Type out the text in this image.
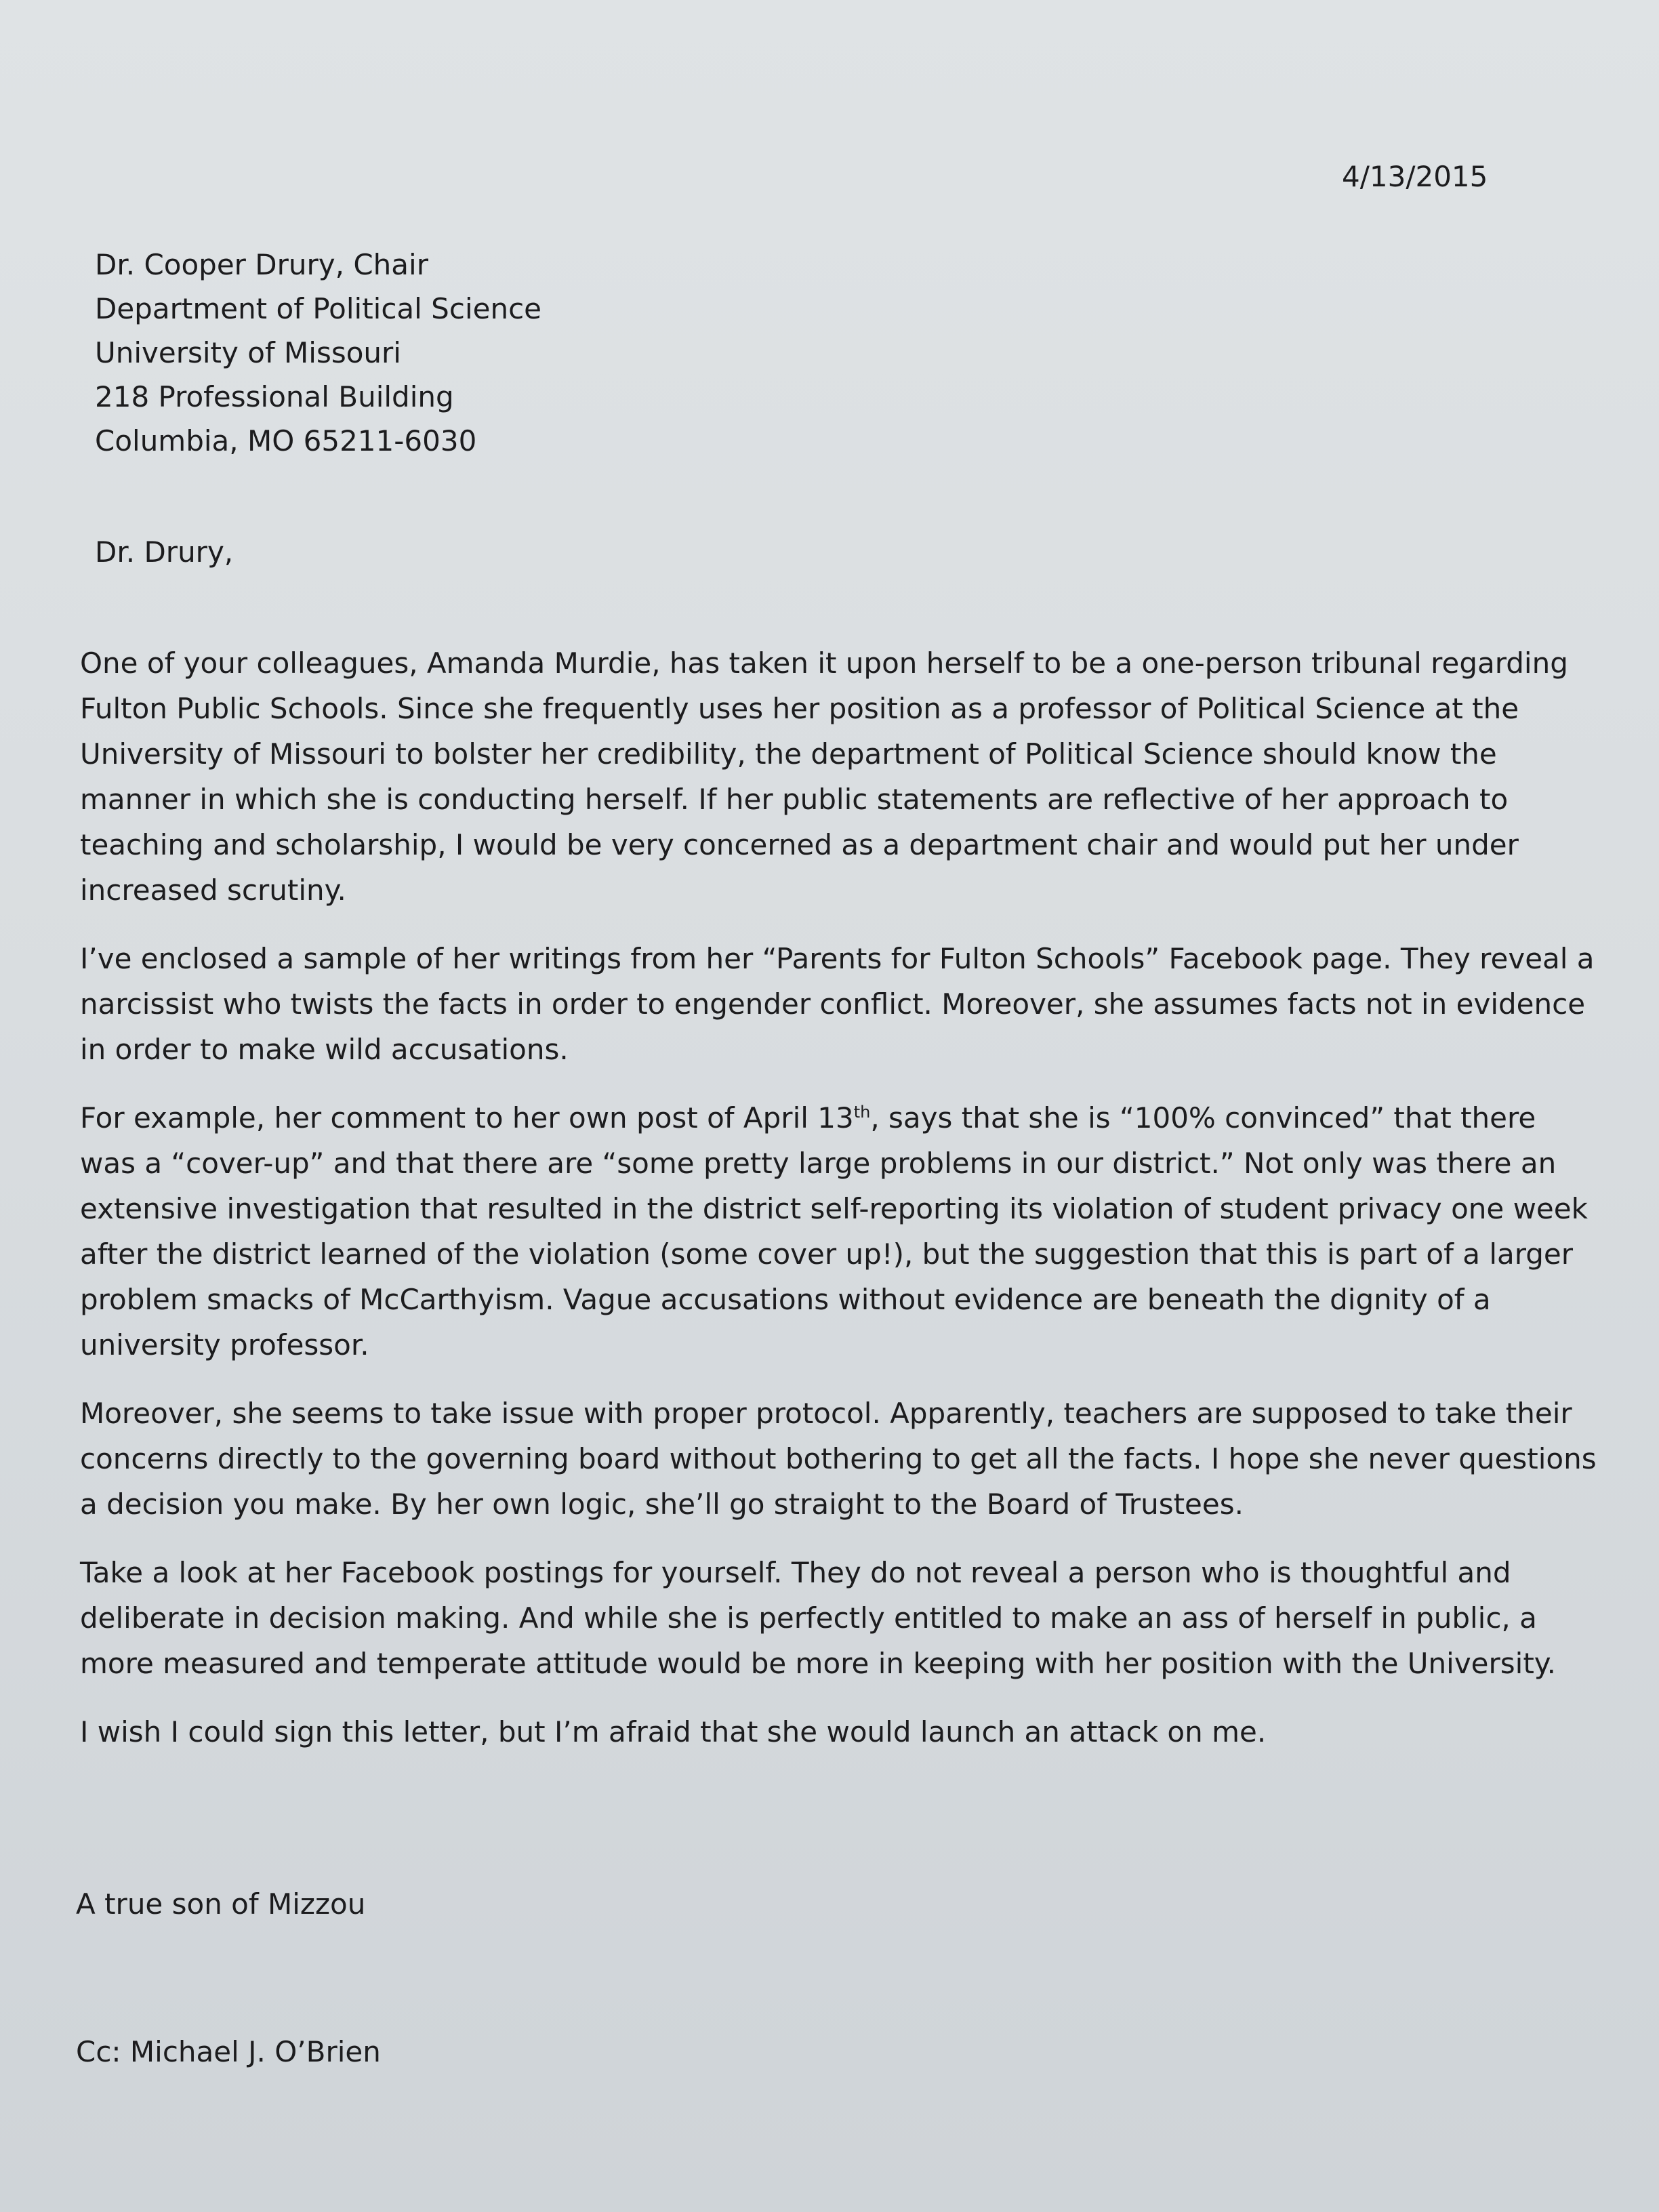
4/13/2015
Dr. Cooper Drury, Chair
Department of Political Science
University of Missouri
218 Professional Building
Columbia, MO 65211-6030
Dr. Drury,

One of your colleagues, Amanda Murdie, has taken it upon herself to be a one-person tribunal regarding Fulton Public Schools. Since she frequently uses her position as a professor of Political Science at the University of Missouri to bolster her credibility, the department of Political Science should know the manner in which she is conducting herself. If her public statements are reflective of her approach to teaching and scholarship, I would be very concerned as a department chair and would put her under increased scrutiny.

I’ve enclosed a sample of her writings from her “Parents for Fulton Schools” Facebook page. They reveal a narcissist who twists the facts in order to engender conflict. Moreover, she assumes facts not in evidence in order to make wild accusations.

For example, her comment to her own post of April 13th, says that she is “100% convinced” that there was a “cover-up” and that there are “some pretty large problems in our district.” Not only was there an extensive investigation that resulted in the district self-reporting its violation of student privacy one week after the district learned of the violation (some cover up!), but the suggestion that this is part of a larger problem smacks of McCarthyism. Vague accusations without evidence are beneath the dignity of a university professor.

Moreover, she seems to take issue with proper protocol. Apparently, teachers are supposed to take their concerns directly to the governing board without bothering to get all the facts. I hope she never questions a decision you make. By her own logic, she’ll go straight to the Board of Trustees.

Take a look at her Facebook postings for yourself. They do not reveal a person who is thoughtful and deliberate in decision making. And while she is perfectly entitled to make an ass of herself in public, a more measured and temperate attitude would be more in keeping with her position with the University.

I wish I could sign this letter, but I’m afraid that she would launch an attack on me.

A true son of Mizzou
Cc: Michael J. O’Brien
